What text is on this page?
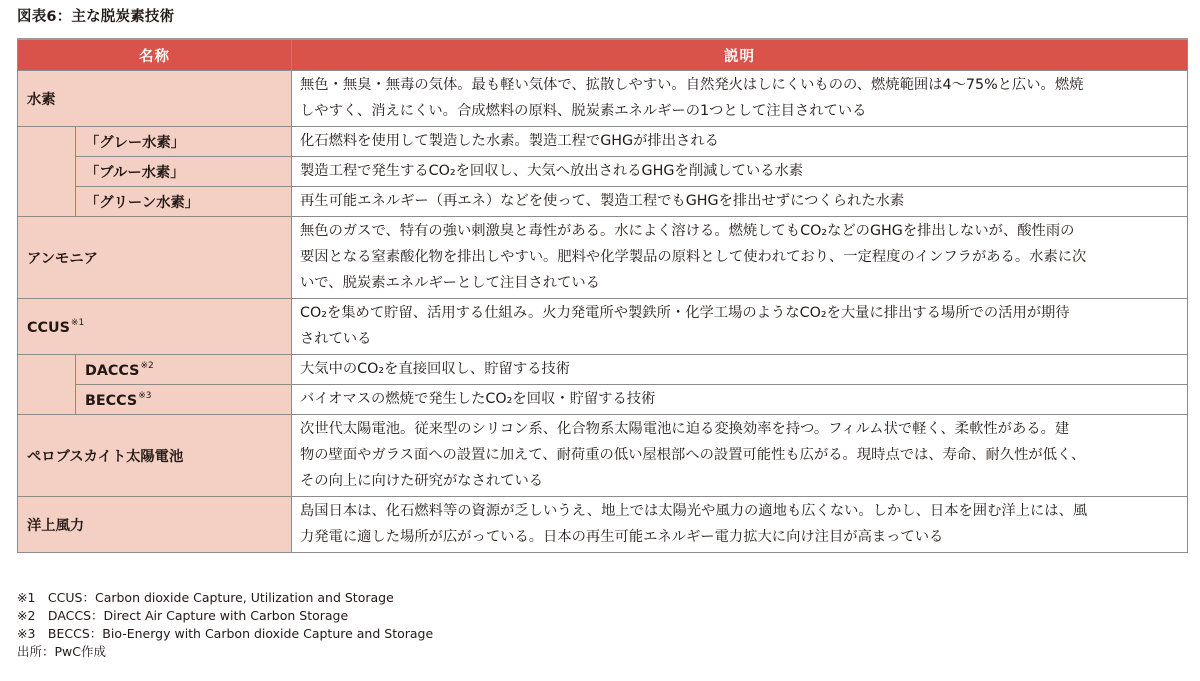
図表6：主な脱炭素技術
名称		説明
水素		無色・無臭・無毒の気体。最も軽い気体で、拡散しやすい。自然発火はしにくいものの、燃焼範囲は4〜75%と広い。燃焼
しやすく、消えにくい。合成燃料の原料、脱炭素エネルギーの1つとして注目されている

	「グレー水素」	化石燃料を使用して製造した水素。製造工程でGHGが排出される

	「ブルー水素」	製造工程で発生するCO₂を回収し、大気へ放出されるGHGを削減している水素

	「グリーン水素」	再生可能エネルギー（再エネ）などを使って、製造工程でもGHGを排出せずにつくられた水素

アンモニア		無色のガスで、特有の強い刺激臭と毒性がある。水によく溶ける。燃焼してもCO₂などのGHGを排出しないが、酸性雨の
要因となる窒素酸化物を排出しやすい。肥料や化学製品の原料として使われており、一定程度のインフラがある。水素に次
いで、脱炭素エネルギーとして注目されている

CCUS$^{※1}$		CO₂を集めて貯留、活用する仕組み。火力発電所や製鉄所・化学工場のようなCO₂を大量に排出する場所での活用が期待
されている

	DACCS$^{※2}$	大気中のCO₂を直接回収し、貯留する技術

	BECCS$^{※3}$	バイオマスの燃焼で発生したCO₂を回収・貯留する技術

ペロブスカイト太陽電池		次世代太陽電池。従来型のシリコン系、化合物系太陽電池に迫る変換効率を持つ。フィルム状で軽く、柔軟性がある。建
物の壁面やガラス面への設置に加えて、耐荷重の低い屋根部への設置可能性も広がる。現時点では、寿命、耐久性が低く、
その向上に向けた研究がなされている

洋上風力		島国日本は、化石燃料等の資源が乏しいうえ、地上では太陽光や風力の適地も広くない。しかし、日本を囲む洋上には、風
力発電に適した場所が広がっている。日本の再生可能エネルギー電力拡大に向け注目が高まっている
※1　CCUS：Carbon dioxide Capture, Utilization and Storage
※2　DACCS：Direct Air Capture with Carbon Storage
※3　BECCS：Bio-Energy with Carbon dioxide Capture and Storage
出所：PwC作成
